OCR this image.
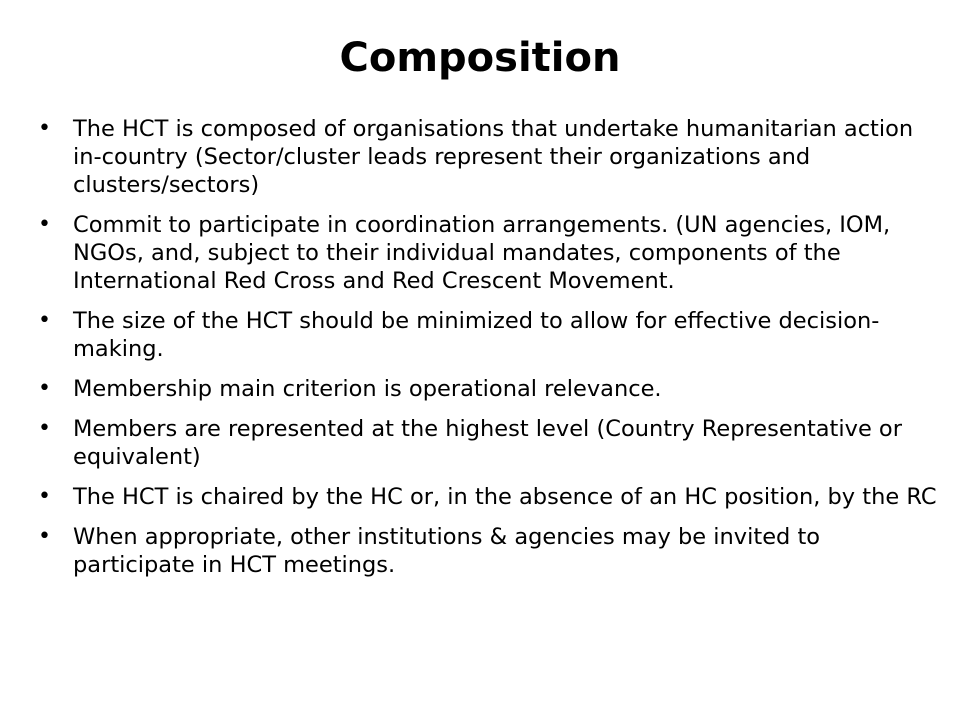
Composition
• The HCT is composed of organisations that undertake humanitarian action in-country (Sector/cluster leads represent their organizations and clusters/sectors)
• Commit to participate in coordination arrangements. (UN agencies, IOM, NGOs, and, subject to their individual mandates, components of the International Red Cross and Red Crescent Movement.
• The size of the HCT should be minimized to allow for effective decision-making.
• Membership main criterion is operational relevance.
• Members are represented at the highest level (Country Representative or equivalent)
• The HCT is chaired by the HC or, in the absence of an HC position, by the RC
• When appropriate, other institutions & agencies may be invited to participate in HCT meetings.
